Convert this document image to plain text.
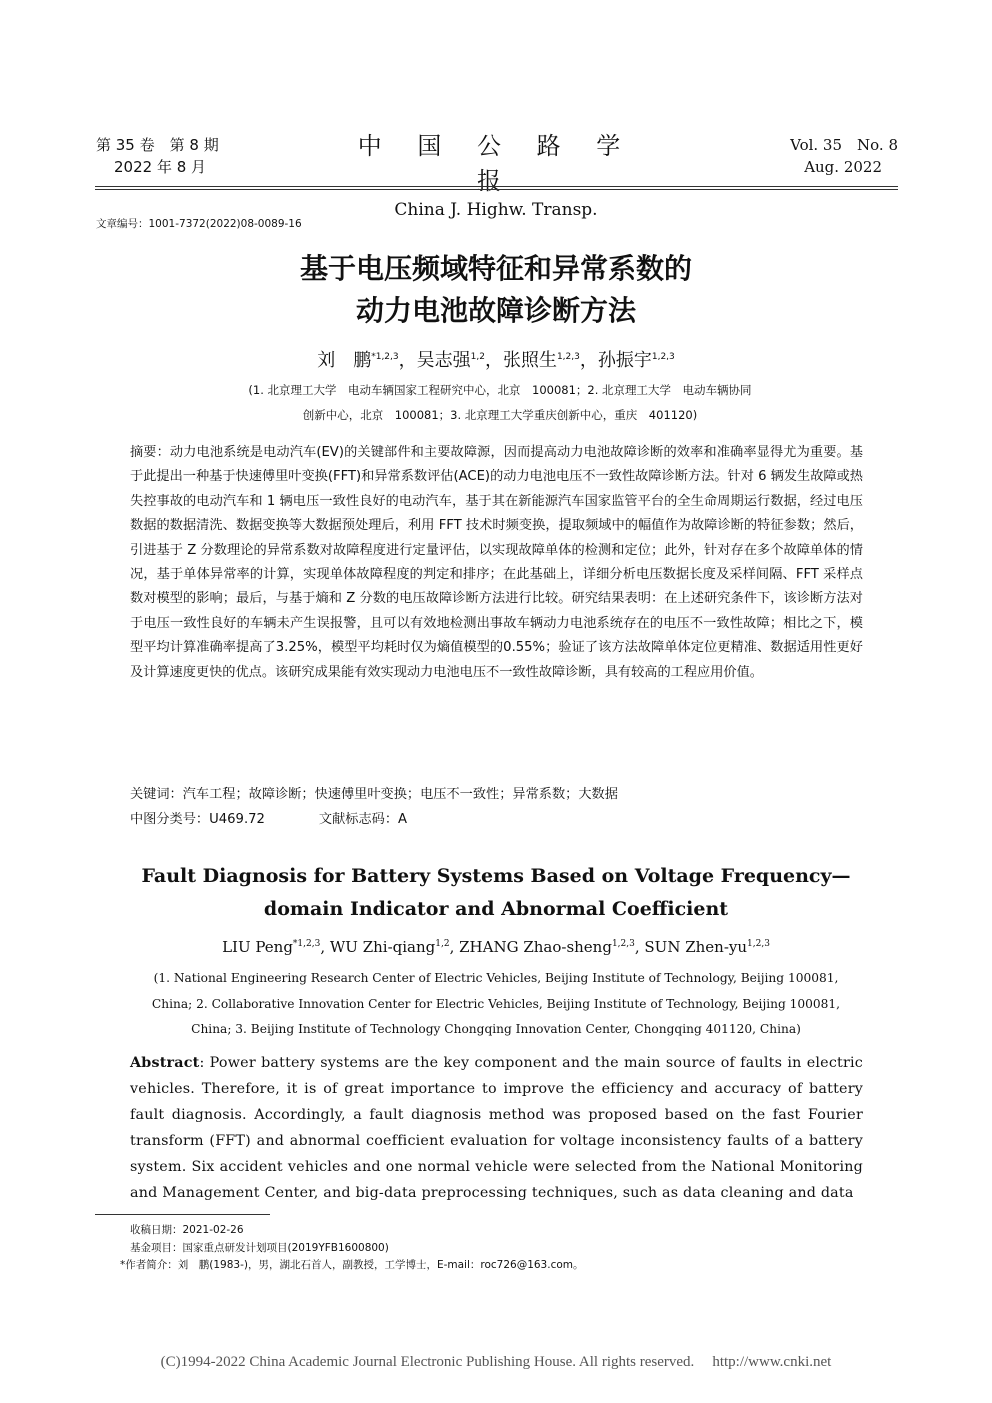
第 35 卷　第 8 期
2022 年 8 月
中 国 公 路 学 报
China J. Highw. Transp.
Vol. 35　No. 8
Aug. 2022
文章编号：1001-7372(2022)08-0089-16
基于电压频域特征和异常系数的
动力电池故障诊断方法
刘　鹏$^{*1,2,3}$，吴志强$^{1,2}$，张照生$^{1,2,3}$，孙振宇$^{1,2,3}$
(1. 北京理工大学　电动车辆国家工程研究中心，北京　100081；2. 北京理工大学　电动车辆协同
创新中心，北京　100081；3. 北京理工大学重庆创新中心，重庆　401120)
摘要：动力电池系统是电动汽车(EV)的关键部件和主要故障源，因而提高动力电池故障诊断的效率和准确率显得尤为重要。基于此提出一种基于快速傅里叶变换(FFT)和异常系数评估(ACE)的动力电池电压不一致性故障诊断方法。针对 6 辆发生故障或热失控事故的电动汽车和 1 辆电压一致性良好的电动汽车，基于其在新能源汽车国家监管平台的全生命周期运行数据，经过电压数据的数据清洗、数据变换等大数据预处理后，利用 FFT 技术时频变换，提取频域中的幅值作为故障诊断的特征参数；然后，引进基于 Z 分数理论的异常系数对故障程度进行定量评估，以实现故障单体的检测和定位；此外，针对存在多个故障单体的情况，基于单体异常率的计算，实现单体故障程度的判定和排序；在此基础上，详细分析电压数据长度及采样间隔、FFT 采样点数对模型的影响；最后，与基于熵和 Z 分数的电压故障诊断方法进行比较。研究结果表明：在上述研究条件下，该诊断方法对于电压一致性良好的车辆未产生误报警，且可以有效地检测出事故车辆动力电池系统存在的电压不一致性故障；相比之下，模型平均计算准确率提高了3.25%，模型平均耗时仅为熵值模型的0.55%；验证了该方法故障单体定位更精准、数据适用性更好及计算速度更快的优点。该研究成果能有效实现动力电池电压不一致性故障诊断，具有较高的工程应用价值。
关键词：汽车工程；故障诊断；快速傅里叶变换；电压不一致性；异常系数；大数据
中图分类号：U469.72	文献标志码：A
Fault Diagnosis for Battery Systems Based on Voltage Frequency—
domain Indicator and Abnormal Coefficient
LIU Peng$^{*1,2,3}$, WU Zhi-qiang$^{1,2}$, ZHANG Zhao-sheng$^{1,2,3}$, SUN Zhen-yu$^{1,2,3}$
(1. National Engineering Research Center of Electric Vehicles, Beijing Institute of Technology, Beijing 100081,
China; 2. Collaborative Innovation Center for Electric Vehicles, Beijing Institute of Technology, Beijing 100081,
China; 3. Beijing Institute of Technology Chongqing Innovation Center, Chongqing 401120, China)
Abstract: Power battery systems are the key component and the main source of faults in electric vehicles. Therefore, it is of great importance to improve the efficiency and accuracy of battery fault diagnosis. Accordingly, a fault diagnosis method was proposed based on the fast Fourier transform (FFT) and abnormal coefficient evaluation for voltage inconsistency faults of a battery system. Six accident vehicles and one normal vehicle were selected from the National Monitoring and Management Center, and big-data preprocessing techniques, such as data cleaning and data
收稿日期：2021-02-26
基金项目：国家重点研发计划项目(2019YFB1600800)
*作者简介：刘　鹏(1983-)，男，湖北石首人，副教授，工学博士，E-mail：roc726@163.com。
(C)1994-2022 China Academic Journal Electronic Publishing House. All rights reserved. http://www.cnki.net
